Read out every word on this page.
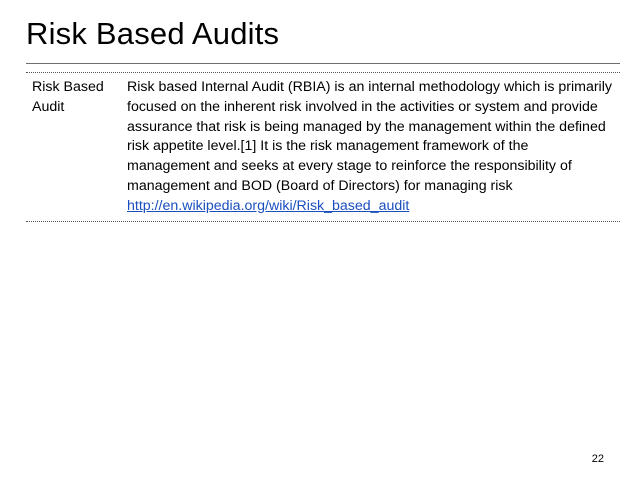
Risk Based Audits
Risk Based Audit
Risk based Internal Audit (RBIA) is an internal methodology which is primarily focused on the inherent risk involved in the activities or system and provide assurance that risk is being managed by the management within the defined risk appetite level.[1] It is the risk management framework of the management and seeks at every stage to reinforce the responsibility of management and BOD (Board of Directors) for managing risk
http://en.wikipedia.org/wiki/Risk_based_audit
22
